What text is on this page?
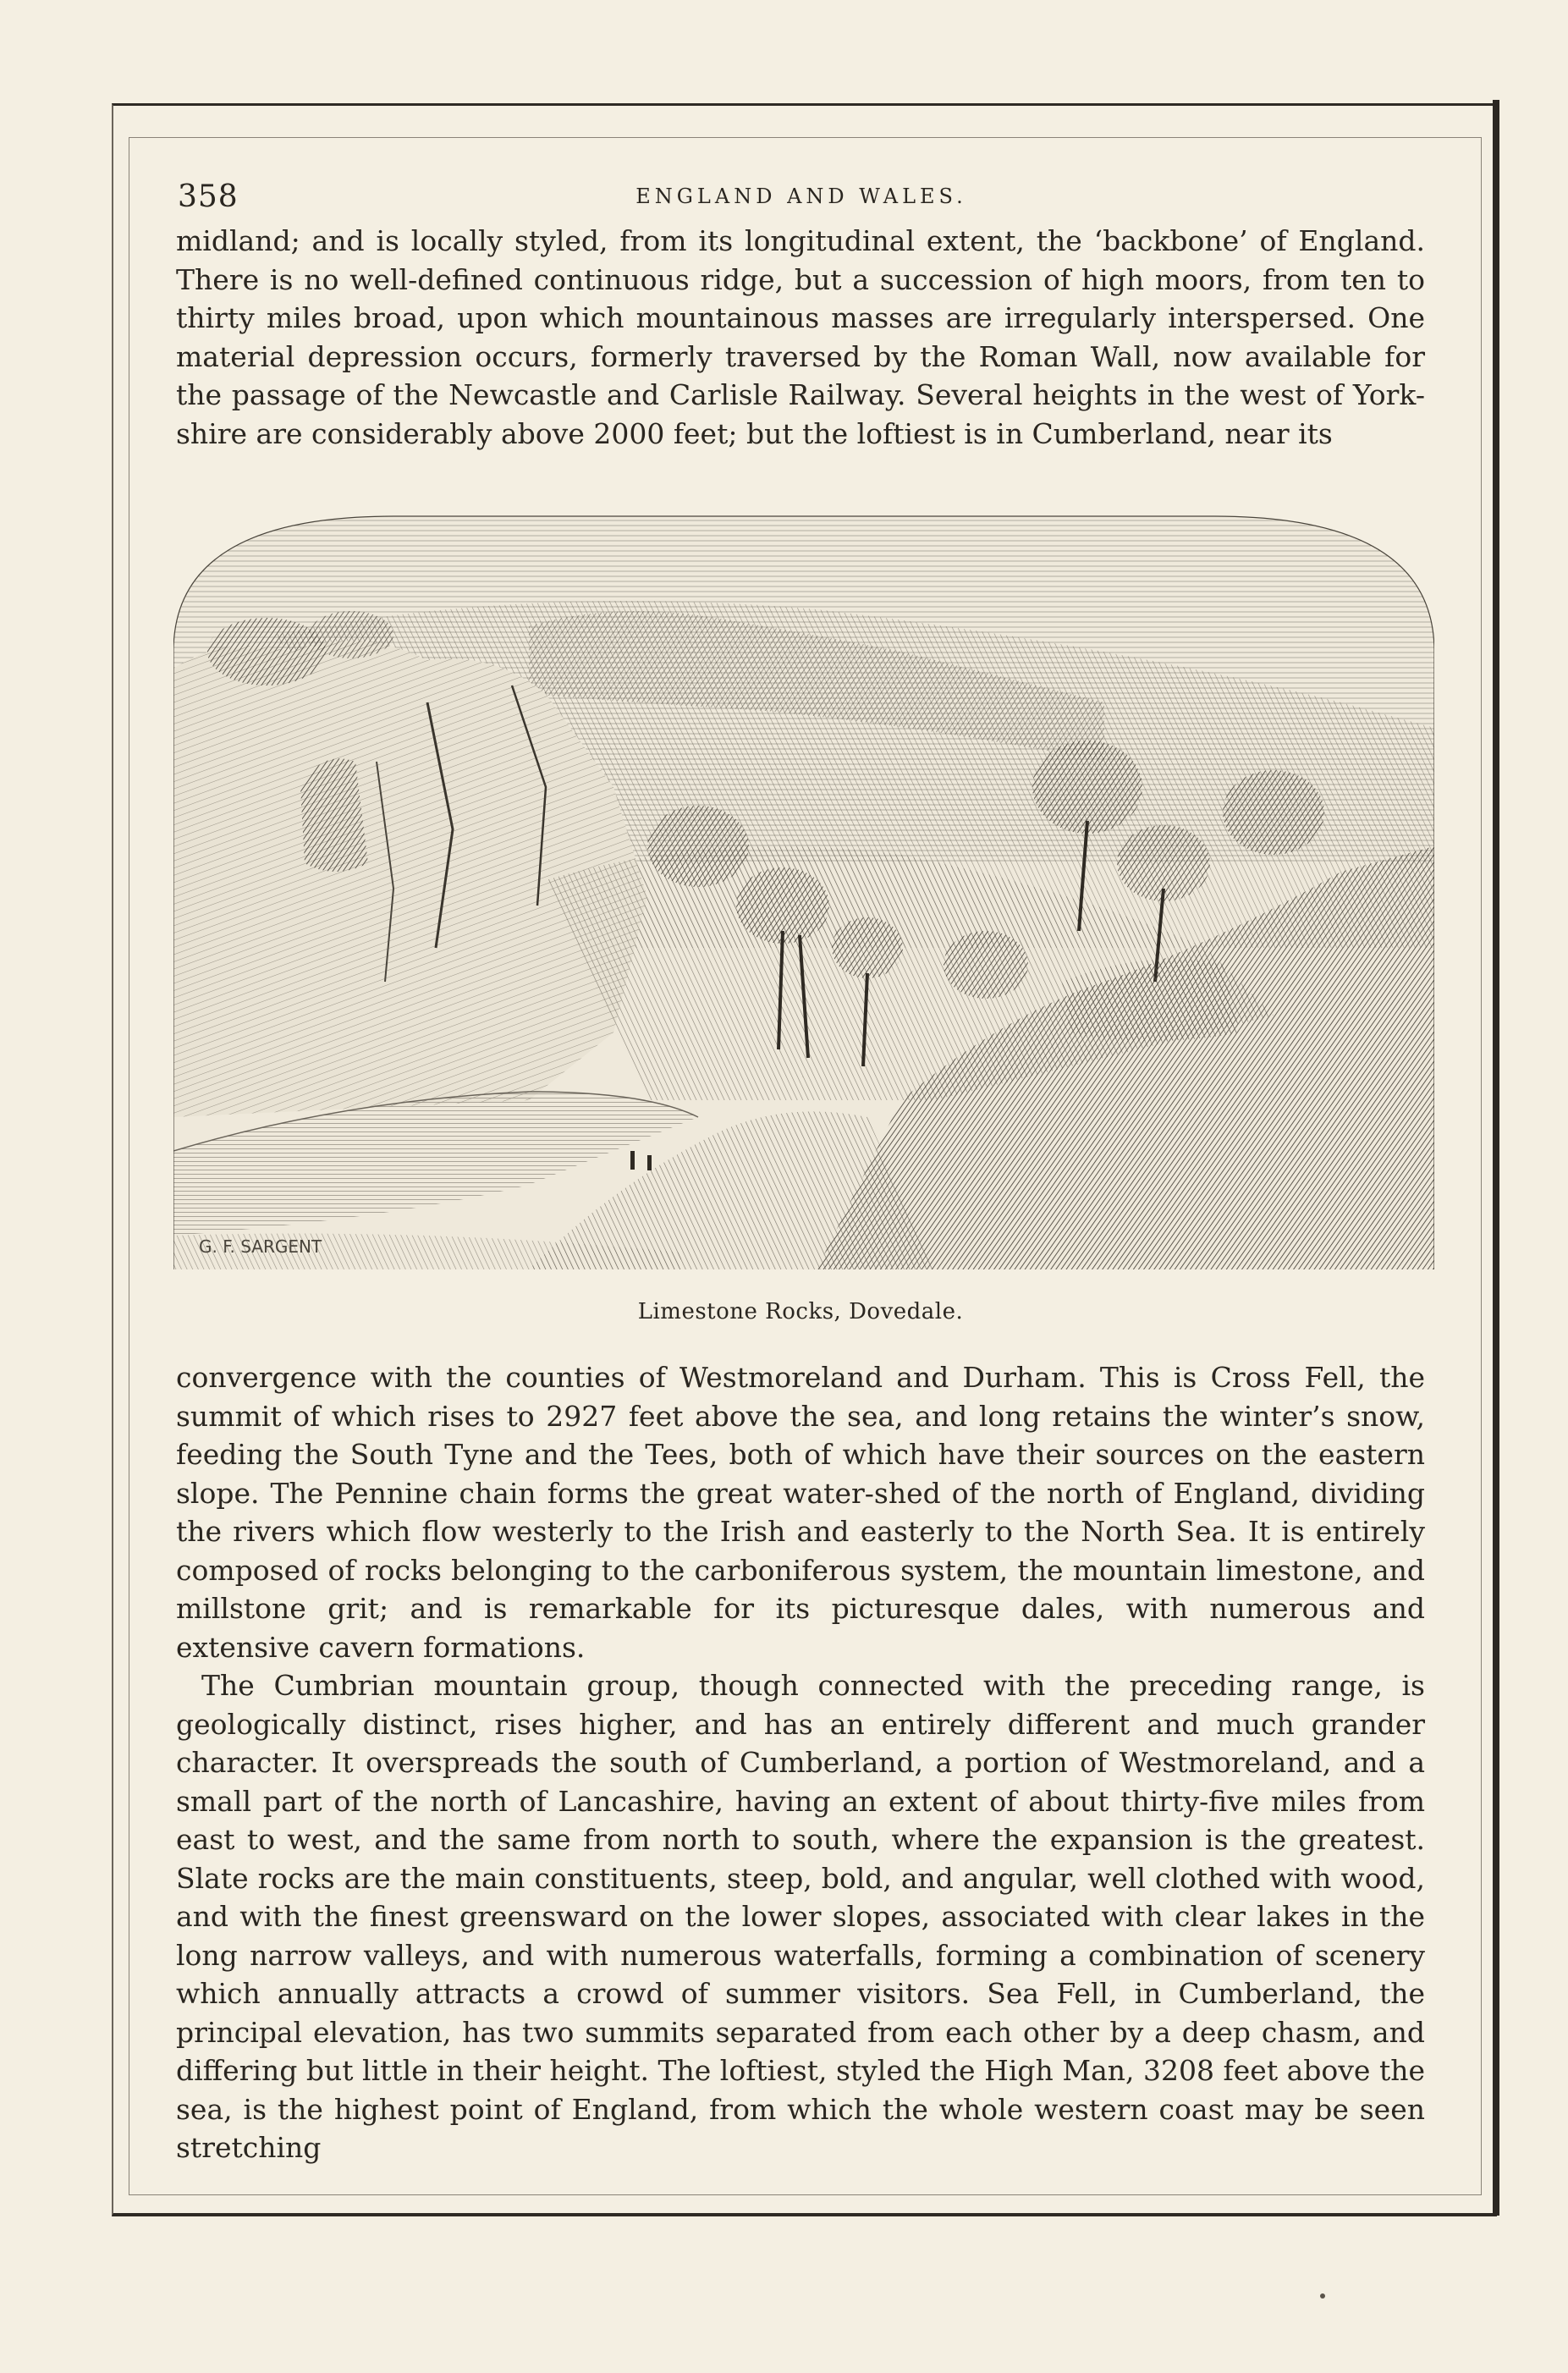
358	ENGLAND AND WALES.

midland; and is locally styled, from its longitudinal extent, the ‘backbone’ of England. There is no well-defined continuous ridge, but a succession of high moors, from ten to thirty miles broad, upon which mountainous masses are irregularly interspersed. One material depression occurs, formerly traversed by the Roman Wall, now available for the passage of the Newcastle and Carlisle Railway. Several heights in the west of York-shire are considerably above 2000 feet; but the loftiest is in Cumberland, near its

G. F. SARGENT
Limestone Rocks, Dovedale.

convergence with the counties of Westmoreland and Durham. This is Cross Fell, the summit of which rises to 2927 feet above the sea, and long retains the winter’s snow, feeding the South Tyne and the Tees, both of which have their sources on the eastern slope. The Pennine chain forms the great water-shed of the north of England, dividing the rivers which flow westerly to the Irish and easterly to the North Sea. It is entirely composed of rocks belonging to the carboniferous system, the mountain limestone, and millstone grit; and is remarkable for its picturesque dales, with numerous and extensive cavern formations.

The Cumbrian mountain group, though connected with the preceding range, is geologically distinct, rises higher, and has an entirely different and much grander character. It overspreads the south of Cumberland, a portion of Westmoreland, and a small part of the north of Lancashire, having an extent of about thirty-five miles from east to west, and the same from north to south, where the expansion is the greatest. Slate rocks are the main constituents, steep, bold, and angular, well clothed with wood, and with the finest greensward on the lower slopes, associated with clear lakes in the long narrow valleys, and with numerous waterfalls, forming a combination of scenery which annually attracts a crowd of summer visitors. Sea Fell, in Cumberland, the principal elevation, has two summits separated from each other by a deep chasm, and differing but little in their height. The loftiest, styled the High Man, 3208 feet above the sea, is the highest point of England, from which the whole western coast may be seen stretching
